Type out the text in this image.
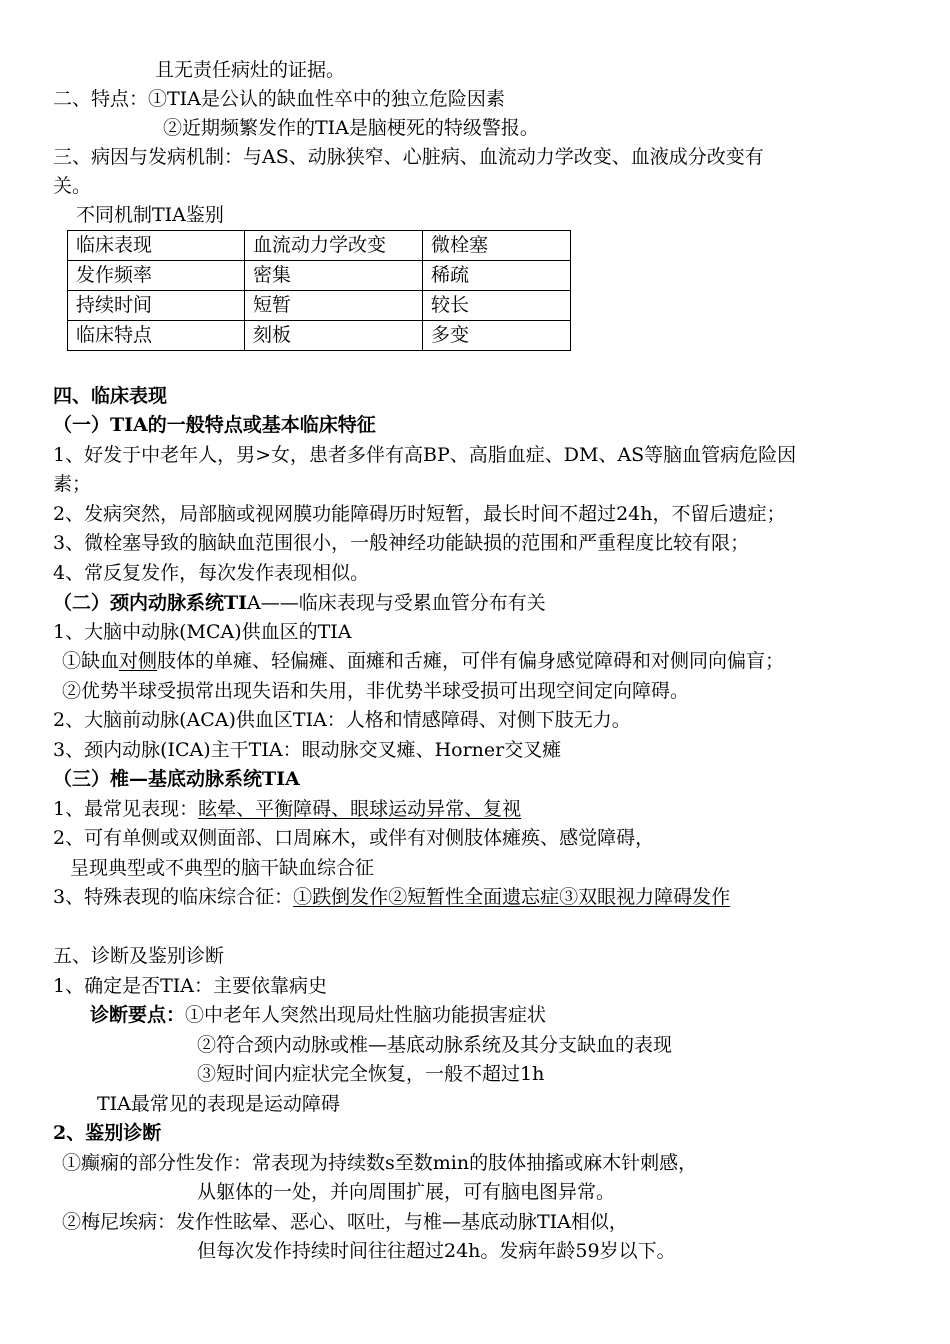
且无责任病灶的证据。
二、特点：①TIA是公认的缺血性卒中的独立危险因素
②近期频繁发作的TIA是脑梗死的特级警报。
三、病因与发病机制：与AS、动脉狭窄、心脏病、血流动力学改变、血液成分改变有
关。
不同机制TIA鉴别
临床表现	血流动力学改变	微栓塞
发作频率	密集	稀疏
持续时间	短暂	较长
临床特点	刻板	多变
四、临床表现
（一）TIA的一般特点或基本临床特征
1、好发于中老年人，男>女，患者多伴有高BP、高脂血症、DM、AS等脑血管病危险因
素；
2、发病突然，局部脑或视网膜功能障碍历时短暂，最长时间不超过24h，不留后遗症；
3、微栓塞导致的脑缺血范围很小，一般神经功能缺损的范围和严重程度比较有限；
4、常反复发作，每次发作表现相似。
（二）颈内动脉系统TIA——临床表现与受累血管分布有关
1、大脑中动脉(MCA)供血区的TIA
①缺血对侧肢体的单瘫、轻偏瘫、面瘫和舌瘫，可伴有偏身感觉障碍和对侧同向偏盲；
②优势半球受损常出现失语和失用，非优势半球受损可出现空间定向障碍。
2、大脑前动脉(ACA)供血区TIA：人格和情感障碍、对侧下肢无力。
3、颈内动脉(ICA)主干TIA：眼动脉交叉瘫、Horner交叉瘫
（三）椎—基底动脉系统TIA
1、最常见表现：眩晕、平衡障碍、眼球运动异常、复视
2、可有单侧或双侧面部、口周麻木，或伴有对侧肢体瘫痪、感觉障碍，
呈现典型或不典型的脑干缺血综合征
3、特殊表现的临床综合征：①跌倒发作②短暂性全面遗忘症③双眼视力障碍发作
五、诊断及鉴别诊断
1、确定是否TIA：主要依靠病史
诊断要点：①中老年人突然出现局灶性脑功能损害症状
②符合颈内动脉或椎—基底动脉系统及其分支缺血的表现
③短时间内症状完全恢复，一般不超过1h
TIA最常见的表现是运动障碍
2、鉴别诊断
①癫痫的部分性发作：常表现为持续数s至数min的肢体抽搐或麻木针刺感，
从躯体的一处，并向周围扩展，可有脑电图异常。
②梅尼埃病：发作性眩晕、恶心、呕吐，与椎—基底动脉TIA相似，
但每次发作持续时间往往超过24h。发病年龄59岁以下。
